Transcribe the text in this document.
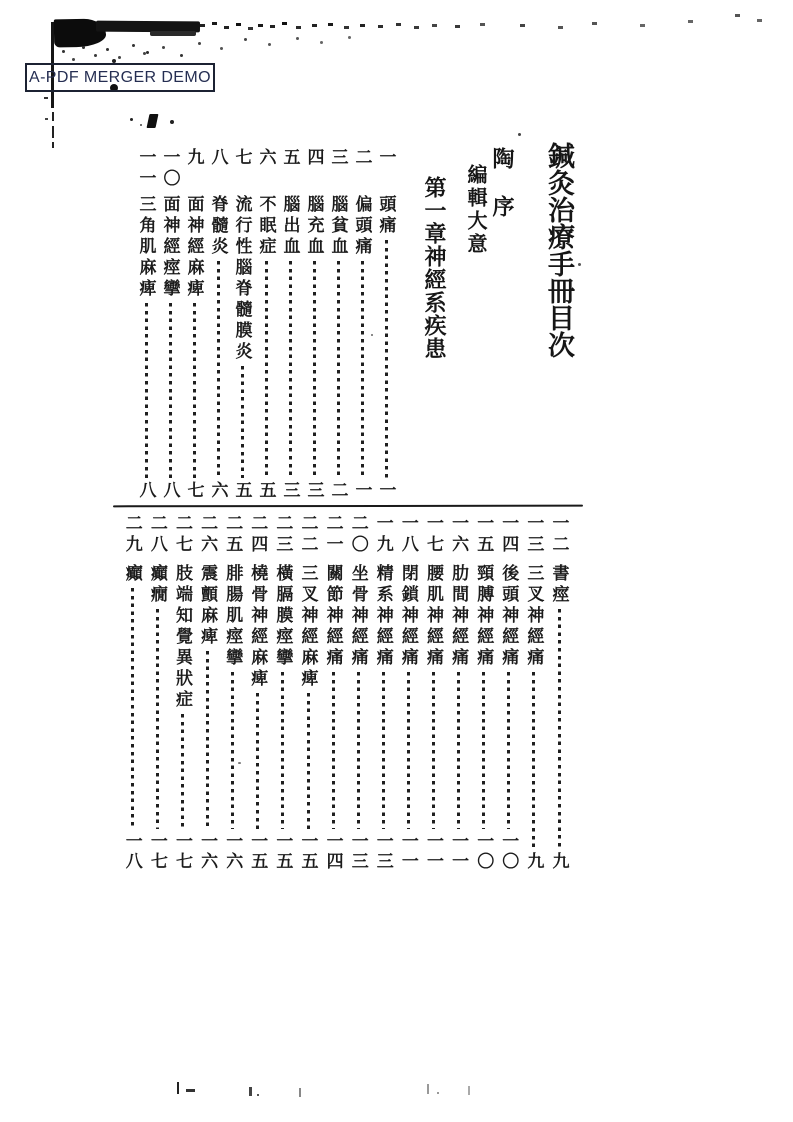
A-PDF MERGER DEMO
鍼灸治療手冊目次
陶　序
編輯大意
第一章神經系疾患
一
頭痛
一
二
偏頭痛
一
三
腦貧血
二
四
腦充血
三
五
腦出血
三
六
不眠症
五
七
流行性腦脊髓膜炎
五
八
脊髓炎
六
九
面神經麻痺
七
一〇
面神經痙攣
八
一一
三角肌麻痺
八
一二
書痙
九
一三
三叉神經痛
九
一四
後頭神經痛
一〇
一五
頸膊神經痛
一〇
一六
肋間神經痛
一一
一七
腰肌神經痛
一一
一八
閉鎖神經痛
一一
一九
精系神經痛
一三
二〇
坐骨神經痛
一三
二一
關節神經痛
一四
二二
三叉神經麻痺
一五
二三
橫膈膜痙攣
一五
二四
橈骨神經麻痺
一五
二五
腓腸肌痙攣
一六
二六
震顫麻痺
一六
二七
肢端知覺異狀症
一七
二八
癲癇
一七
二九
癲
一八
